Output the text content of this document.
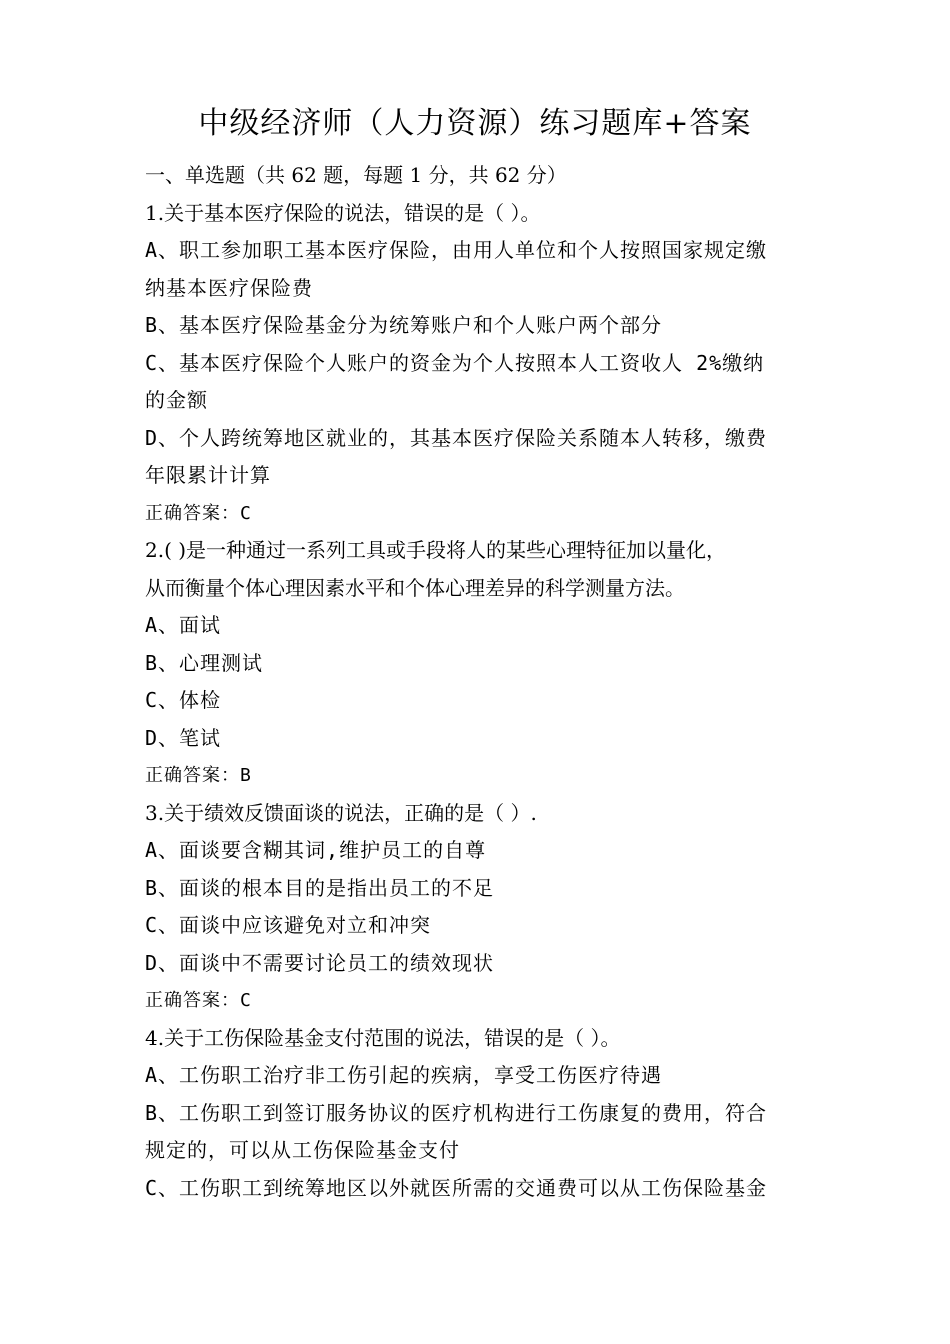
中级经济师（人力资源）练习题库+答案
一、单选题（共 62 题，每题 1 分，共 62 分）
1.关于基本医疗保险的说法，错误的是（ ）。
A、职工参加职工基本医疗保险，由用人单位和个人按照国家规定缴
纳基本医疗保险费
B、基本医疗保险基金分为统筹账户和个人账户两个部分
C、基本医疗保险个人账户的资金为个人按照本人工资收人 2%缴纳
的金额
D、个人跨统筹地区就业的，其基本医疗保险关系随本人转移，缴费
年限累计计算
正确答案：C
2.( )是一种通过一系列工具或手段将人的某些心理特征加以量化，
从而衡量个体心理因素水平和个体心理差异的科学测量方法。
A、面试
B、心理测试
C、体检
D、笔试
正确答案：B
3.关于绩效反馈面谈的说法，正确的是（ ）.
A、面谈要含糊其词,维护员工的自尊
B、面谈的根本目的是指出员工的不足
C、面谈中应该避免对立和冲突
D、面谈中不需要讨论员工的绩效现状
正确答案：C
4.关于工伤保险基金支付范围的说法，错误的是（ ）。
A、工伤职工治疗非工伤引起的疾病，享受工伤医疗待遇
B、工伤职工到签订服务协议的医疗机构进行工伤康复的费用，符合
规定的，可以从工伤保险基金支付
C、工伤职工到统筹地区以外就医所需的交通费可以从工伤保险基金
